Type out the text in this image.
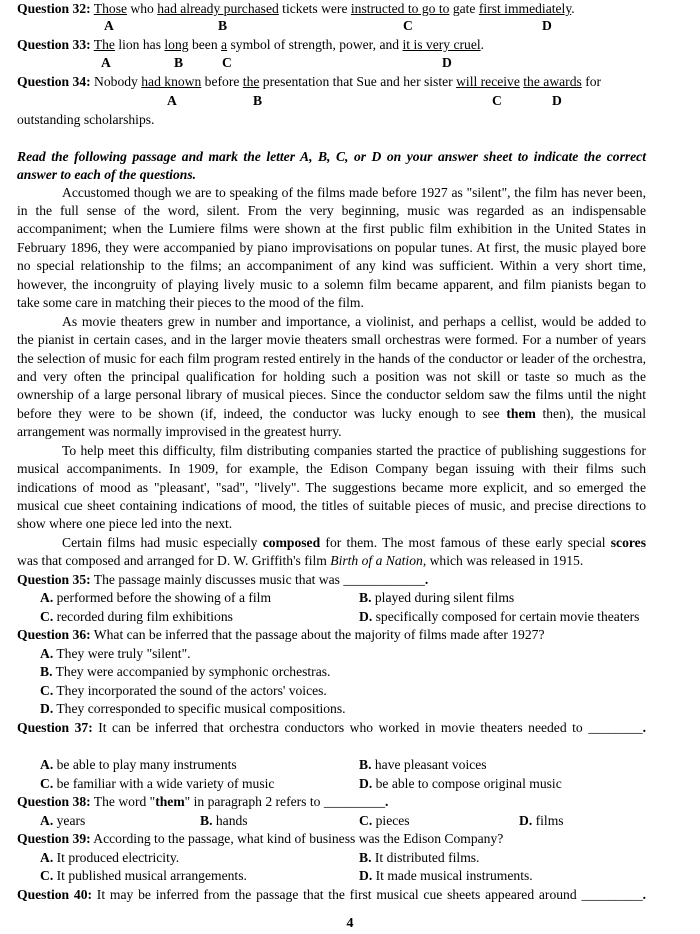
Question 32: Those who had already purchased tickets were instructed to go to gate first immediately.
A	B	C	D
Question 33: The lion has long been a symbol of strength, power, and it is very cruel.
A	B	C	D
Question 34: Nobody had known before the presentation that Sue and her sister will receive the awards for
A	B	C	D
outstanding scholarships.
Read the following passage and mark the letter A, B, C, or D on your answer sheet to indicate the correct
answer to each of the questions.
Accustomed though we are to speaking of the films made before 1927 as "silent", the film has never been,
in the full sense of the word, silent. From the very beginning, music was regarded as an indispensable
accompaniment; when the Lumiere films were shown at the first public film exhibition in the United States in
February 1896, they were accompanied by piano improvisations on popular tunes. At first, the music played bore
no special relationship to the films; an accompaniment of any kind was sufficient. Within a very short time,
however, the incongruity of playing lively music to a solemn film became apparent, and film pianists began to
take some care in matching their pieces to the mood of the film.
As movie theaters grew in number and importance, a violinist, and perhaps a cellist, would be added to
the pianist in certain cases, and in the larger movie theaters small orchestras were formed. For a number of years
the selection of music for each film program rested entirely in the hands of the conductor or leader of the orchestra,
and very often the principal qualification for holding such a position was not skill or taste so much as the
ownership of a large personal library of musical pieces. Since the conductor seldom saw the films until the night
before they were to be shown (if, indeed, the conductor was lucky enough to see them then), the musical
arrangement was normally improvised in the greatest hurry.
To help meet this difficulty, film distributing companies started the practice of publishing suggestions for
musical accompaniments. In 1909, for example, the Edison Company began issuing with their films such
indications of mood as "pleasant', "sad", "lively". The suggestions became more explicit, and so emerged the
musical cue sheet containing indications of mood, the titles of suitable pieces of music, and precise directions to
show where one piece led into the next.
Certain films had music especially composed for them. The most famous of these early special scores
was that composed and arranged for D. W. Griffith's film Birth of a Nation, which was released in 1915.
Question 35: The passage mainly discusses music that was ____________.
A. performed before the showing of a film	B. played during silent films
C. recorded during film exhibitions	D. specifically composed for certain movie theaters
Question 36: What can be inferred that the passage about the majority of films made after 1927?
A. They were truly "silent".
B. They were accompanied by symphonic orchestras.
C. They incorporated the sound of the actors' voices.
D. They corresponded to specific musical compositions.
Question 37: It can be inferred that orchestra conductors who worked in movie theaters needed to ________.
A. be able to play many instruments	B. have pleasant voices
C. be familiar with a wide variety of music	D. be able to compose original music
Question 38: The word "them" in paragraph 2 refers to _________.
A. years	B. hands	C. pieces	D. films
Question 39: According to the passage, what kind of business was the Edison Company?
A. It produced electricity.	B. It distributed films.
C. It published musical arrangements.	D. It made musical instruments.
Question 40: It may be inferred from the passage that the first musical cue sheets appeared around _________.
4
